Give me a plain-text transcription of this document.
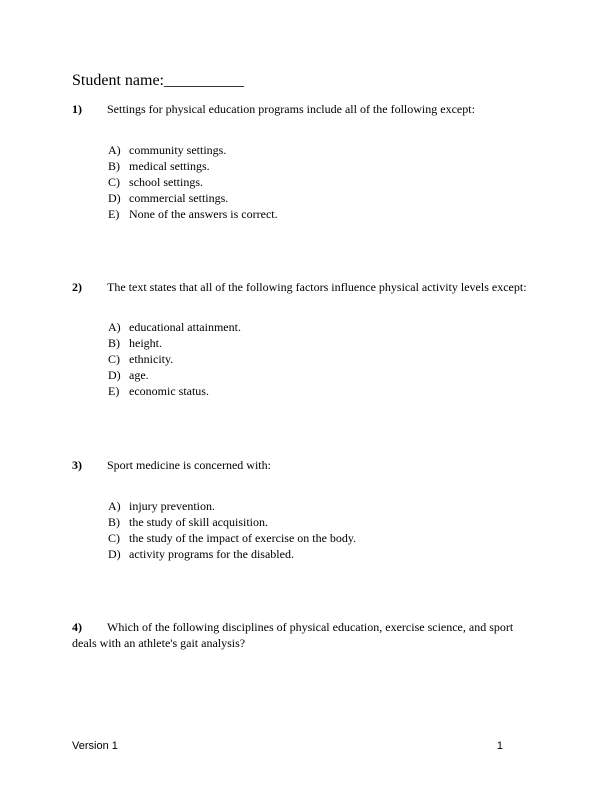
Student name:__________
1)	Settings for physical education programs include all of the following except:
A) community settings.
B) medical settings.
C) school settings.
D) commercial settings.
E) None of the answers is correct.
2)	The text states that all of the following factors influence physical activity levels except:
A) educational attainment.
B) height.
C) ethnicity.
D) age.
E) economic status.
3)	Sport medicine is concerned with:
A) injury prevention.
B) the study of skill acquisition.
C) the study of the impact of exercise on the body.
D) activity programs for the disabled.
4)	Which of the following disciplines of physical education, exercise science, and sport deals with an athlete's gait analysis?
Version 1	1
